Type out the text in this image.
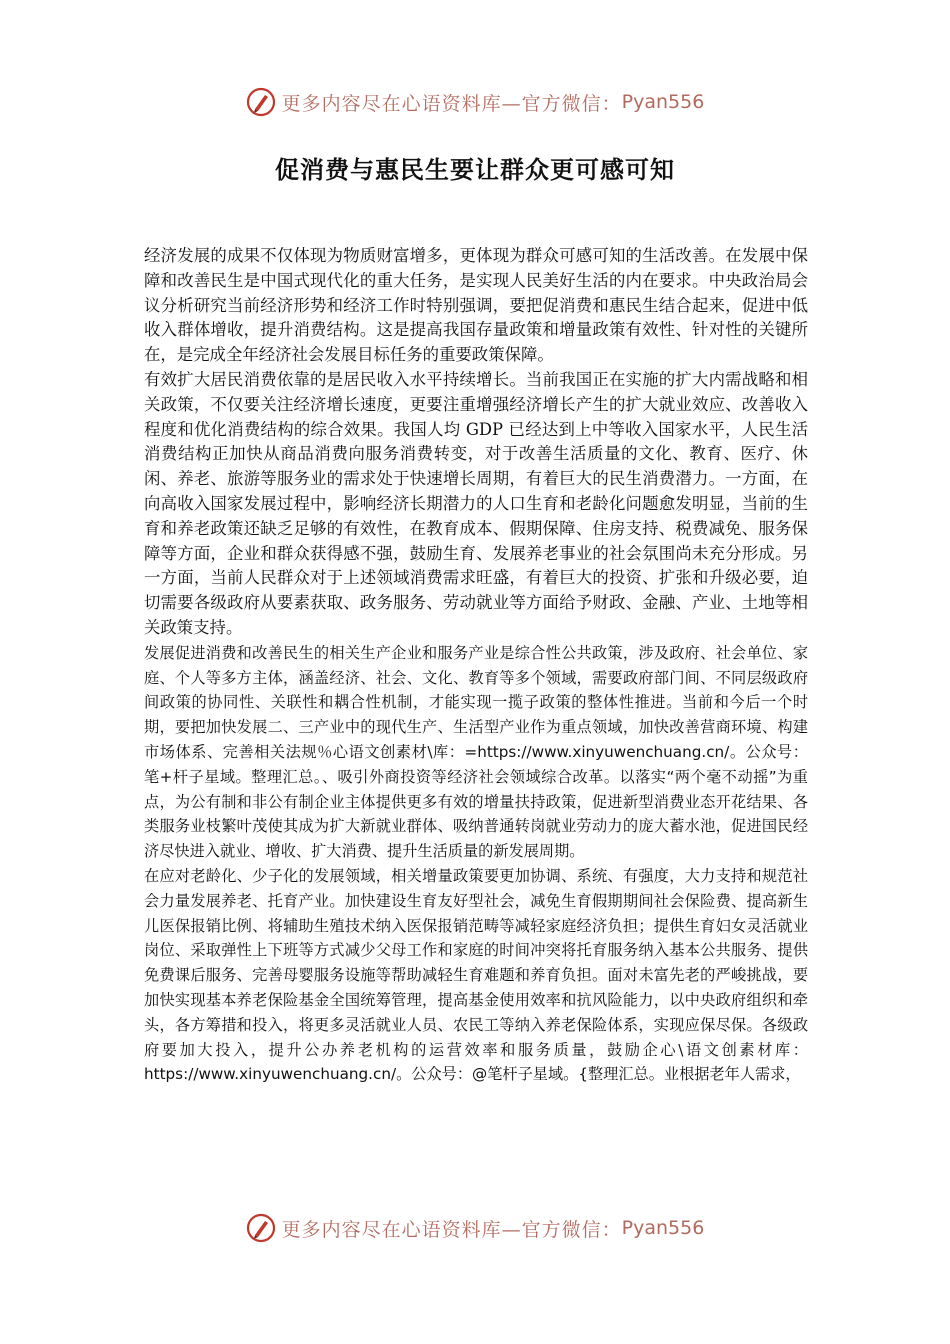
更多内容尽在心语资料库—官方微信： Pyan556
促消费与惠民生要让群众更可感可知

经济发展的成果不仅体现为物质财富增多，更体现为群众可感可知的生活改善。在发展中保障和改善民生是中国式现代化的重大任务，是实现人民美好生活的内在要求。中央政治局会议分析研究当前经济形势和经济工作时特别强调，要把促消费和惠民生结合起来，促进中低收入群体增收，提升消费结构。这是提高我国存量政策和增量政策有效性、针对性的关键所在，是完成全年经济社会发展目标任务的重要政策保障。

有效扩大居民消费依靠的是居民收入水平持续增长。当前我国正在实施的扩大内需战略和相关政策，不仅要关注经济增长速度，更要注重增强经济增长产生的扩大就业效应、改善收入程度和优化消费结构的综合效果。我国人均 GDP 已经达到上中等收入国家水平，人民生活消费结构正加快从商品消费向服务消费转变，对于改善生活质量的文化、教育、医疗、休闲、养老、旅游等服务业的需求处于快速增长周期，有着巨大的民生消费潜力。一方面，在向高收入国家发展过程中，影响经济长期潜力的人口生育和老龄化问题愈发明显，当前的生育和养老政策还缺乏足够的有效性，在教育成本、假期保障、住房支持、税费减免、服务保障等方面，企业和群众获得感不强，鼓励生育、发展养老事业的社会氛围尚未充分形成。另一方面，当前人民群众对于上述领域消费需求旺盛，有着巨大的投资、扩张和升级必要，迫切需要各级政府从要素获取、政务服务、劳动就业等方面给予财政、金融、产业、土地等相关政策支持。

发展促进消费和改善民生的相关生产企业和服务产业是综合性公共政策，涉及政府、社会单位、家庭、个人等多方主体，涵盖经济、社会、文化、教育等多个领域，需要政府部门间、不同层级政府间政策的协同性、关联性和耦合性机制，才能实现一揽子政策的整体性推进。当前和今后一个时期，要把加快发展二、三产业中的现代生产、生活型产业作为重点领域，加快改善营商环境、构建市场体系、完善相关法规％心语文创素材\库：=https://www.xinyuwenchuang.cn/。公众号：笔+杆子星域。整理汇总。、吸引外商投资等经济社会领域综合改革。以落实“两个毫不动摇”为重点，为公有制和非公有制企业主体提供更多有效的增量扶持政策，促进新型消费业态开花结果、各类服务业枝繁叶茂使其成为扩大新就业群体、吸纳普通转岗就业劳动力的庞大蓄水池，促进国民经济尽快进入就业、增收、扩大消费、提升生活质量的新发展周期。

在应对老龄化、少子化的发展领域，相关增量政策要更加协调、系统、有强度，大力支持和规范社会力量发展养老、托育产业。加快建设生育友好型社会，减免生育假期期间社会保险费、提高新生儿医保报销比例、将辅助生殖技术纳入医保报销范畴等减轻家庭经济负担；提供生育妇女灵活就业岗位、采取弹性上下班等方式减少父母工作和家庭的时间冲突将托育服务纳入基本公共服务、提供免费课后服务、完善母婴服务设施等帮助减轻生育难题和养育负担。面对未富先老的严峻挑战，要加快实现基本养老保险基金全国统筹管理，提高基金使用效率和抗风险能力，以中央政府组织和牵头，各方筹措和投入，将更多灵活就业人员、农民工等纳入养老保险体系，实现应保尽保。各级政府要加大投入，提升公办养老机构的运营效率和服务质量，鼓励企心\语文创素材库：https://www.xinyuwenchuang.cn/。公众号：@笔杆子星域。{整理汇总。业根据老年人需求，

更多内容尽在心语资料库—官方微信： Pyan556
